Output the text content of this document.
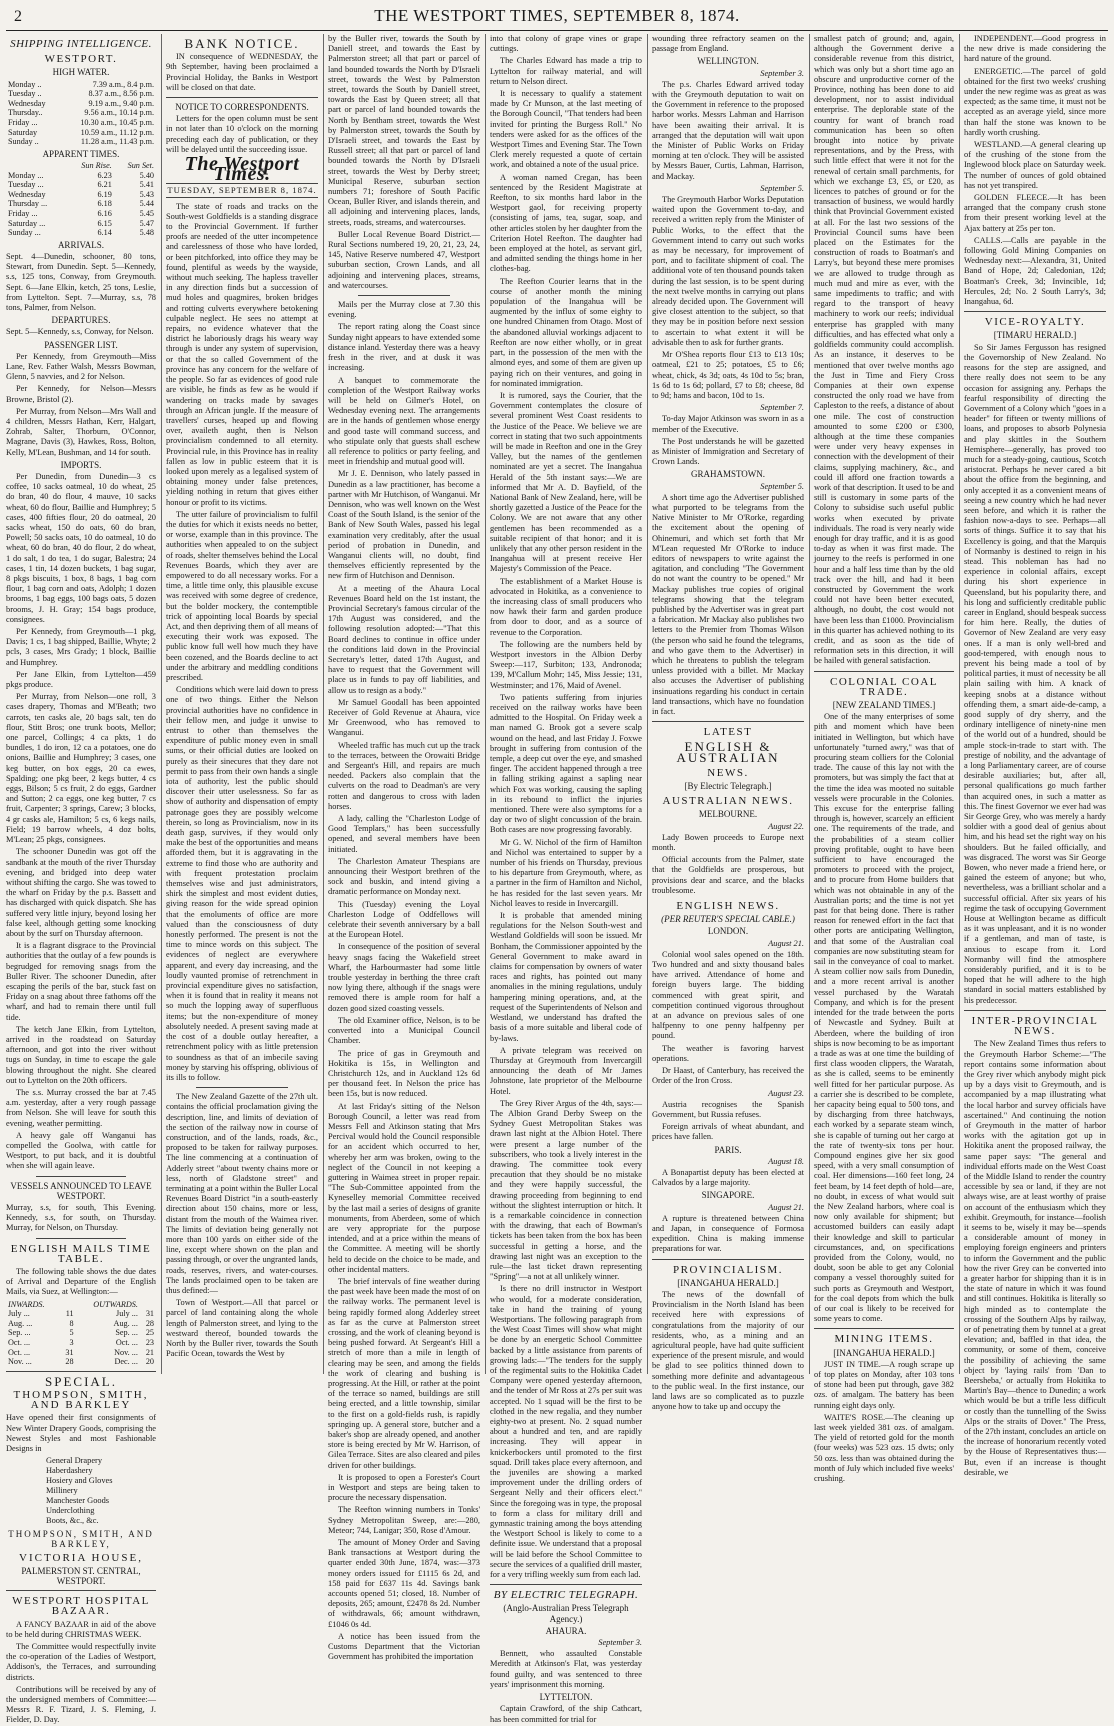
2	THE WESTPORT TIMES, SEPTEMBER 8, 1874.
SHIPPING INTELLIGENCE.
WESTPORT.
HIGH WATER.
Monday ..	7.39 a.m., 8.4 p.m.
Tuesday ..	8.37 a.m., 8.56 p.m.
Wednesday	9.19 a.m., 9.40 p.m.
Thursday..	9.56 a.m., 10.14 p.m.
Friday ...	10.30 a.m., 10.45 p.m.
Saturday	10.59 a.m., 11.12 p.m.
Sunday ..	11.28 a.m., 11.43 p.m.
APPARENT TIMES.
	Sun Rise.	Sun Set.
Monday ...	6.23	5.40
Tuesday ...	6.21	5.41
Wednesday	6.19	5.43
Thursday ...	6.18	5.44
Friday ...	6.16	5.45
Saturday ...	6.15	5.47
Sunday ...	6.14	5.48
ARRIVALS.

Sept. 4—Dunedin, schooner, 80 tons, Stewart, from Dunedin. Sept. 5—Kennedy, s.s, 125 tons, Conway, from Greymouth. Sept. 6—Jane Elkin, ketch, 25 tons, Leslie, from Lyttelton. Sept. 7—Murray, s.s, 78 tons, Palmer, from Nelson.

DEPARTURES.

Sept. 5—Kennedy, s.s, Conway, for Nelson.

PASSENGER LIST.

Per Kennedy, from Greymouth—Miss Lane, Rev. Father Walsh, Messrs Bowman, Glenn, 5 navvies, and 2 for Nelson.

Per Kennedy, for Nelson—Messrs Browne, Bristol (2).

Per Murray, from Nelson—Mrs Wall and 4 children, Messrs Hathan, Kerr, Halgart, Zohrab, Salter, Thorburn, O'Connor, Magrane, Davis (3), Hawkes, Ross, Bolton, Kelly, M'Lean, Bushman, and 14 for south.

IMPORTS.

Per Dunedin, from Dunedin—3 cs coffee, 10 sacks oatmeal, 10 do wheat, 25 do bran, 40 do flour, 4 mauve, 10 sacks wheat, 60 do flour, Baillie and Humphrey; 5 cases, 400 fifties flour, 20 do oatmeal, 20 sacks wheat, 150 do oats, 60 do bran, Powell; 50 sacks oats, 10 do oatmeal, 10 do wheat, 60 do bran, 40 do flour, 2 do wheat, 1 do salt, 1 do tea, 1 do sugar, Balestra; 24 cases, 1 tin, 14 dozen buckets, 1 bag sugar, 8 pkgs biscuits, 1 box, 8 bags, 1 bag corn flour, 1 bag corn and oats, Adolph; 1 dozen brooms, 1 bag eggs, 100 bags oats, 5 dozen brooms, J. H. Gray; 154 bags produce, consignees.

Per Kennedy, from Greymouth—1 pkg, Davis; 1 cs, 1 bag shipped, Baillie, Whyte; 2 pcls, 3 cases, Mrs Grady; 1 block, Baillie and Humphrey.

Per Jane Elkin, from Lyttelton—459 pkgs produce.

Per Murray, from Nelson—one roll, 3 cases drapery, Thomas and M'Beath; two carrots, ten casks ale, 20 bags salt, ten do flour, Stitt Bros; one trunk boots, Mellor; one parcel, Collings; 4 ca pkts, 1 do bundles, 1 do iron, 12 ca a potatoes, one do onions, Baillie and Humphrey; 3 cases, one keg butter, on box eggs, 20 ca ewes, Spalding; one pkg beer, 2 kegs butter, 4 cs eggs, Bilson; 5 cs fruit, 2 do eggs, Gardner and Sutton; 2 ca eggs, one keg butter, 7 cs fruit, Carpenter; 3 springs, Carew; 3 blocks, 4 gr casks ale, Hamilton; 5 cs, 6 kegs nails, Field; 19 barrow wheels, 4 doz bolts, M'Lean; 25 pkgs, consignees.

The schooner Dunedin was got off the sandbank at the mouth of the river Thursday evening, and bridged into deep water without shifting the cargo. She was towed to the wharf on Friday by the p.s. Bassett and has discharged with quick dispatch. She has suffered very little injury, beyond losing her false keel, although getting some knocking about by the surf on Thursday afternoon.

It is a flagrant disgrace to the Provincial authorities that the outlay of a few pounds is begrudged for removing snags from the Buller River. The schooner Dunedin, after escaping the perils of the bar, stuck fast on Friday on a snag about three fathoms off the wharf, and had to remain there until full tide.

The ketch Jane Elkin, from Lyttelton, arrived in the roadstead on Saturday afternoon, and got into the river without tugs on Sunday, in time to escape the gale blowing throughout the night. She cleared out to Lyttelton on the 20th officers.

The s.s. Murray crossed the bar at 7.45 a.m. yesterday, after a very rough passage from Nelson. She will leave for south this evening, weather permitting.

A heavy gale off Wanganui has compelled the Goolwa, with cattle for Westport, to put back, and it is doubtful when she will again leave.

VESSELS ANNOUNCED TO LEAVE WESTPORT.

Murray, s.s, for south, This Evening. Kennedy, s.s, for south, on Thursday. Murray, for Nelson, on Thursday.

ENGLISH MAILS TIME TABLE.

The following table shows the due dates of Arrival and Departure of the English Mails, via Suez, at Wellington:—

INWARDS.		OUTWARDS.	
July ...	11	July ...	31
Aug. ...	8	Aug. ...	28
Sep. ...	5	Sep. ...	25
Oct. ...	3	Oct. ...	23
Oct. ...	31	Nov. ...	21
Nov. ...	28	Dec. ...	20
SPECIAL.
THOMPSON, SMITH, AND BARKLEY

Have opened their first consignments of New Winter Drapery Goods, comprising the Newest Styles and most Fashionable Designs in

General Drapery
Haberdashery
Hosiery and Gloves
Millinery
Manchester Goods
Underclothing
Boots, &c., &c.
THOMPSON, SMITH, AND BARKLEY,
VICTORIA HOUSE,
PALMERSTON ST. CENTRAL, WESTPORT.
WESTPORT HOSPITAL BAZAAR.

A FANCY BAZAAR in aid of the above to be held during CHRISTMAS WEEK.

The Committee would respectfully invite the co-operation of the Ladies of Westport, Addison's, the Terraces, and surrounding districts.

Contributions will be received by any of the undersigned members of Committee:—Messrs R. F. Tizard, J. S. Fleming, J. Fielder, D. Day.

BANK NOTICE.

IN consequence of WEDNESDAY, the 9th September, having been proclaimed a Provincial Holiday, the Banks in Westport will be closed on that date.

NOTICE TO CORRESPONDENTS.

Letters for the open column must be sent in not later than 10 o'clock on the morning preceding each day of publication, or they will be delayed until the succeeding issue.

The Westport Times.
TUESDAY, SEPTEMBER 8, 1874.

The state of roads and tracks on the South-west Goldfields is a standing disgrace to the Provincial Government. If further proofs are needed of the utter incompetence and carelessness of those who have lorded, or been pitchforked, into office they may be found, plentiful as weeds by the wayside, without much seeking. The hapless traveller in any direction finds but a succession of mud holes and quagmires, broken bridges and rotting culverts everywhere betokening culpable neglect. He sees no attempt at repairs, no evidence whatever that the district he laboriously drags his weary way through is under any system of supervision, or that the so called Government of the province has any concern for the welfare of the people. So far as evidences of good rule are visible, he finds as few as he would if wandering on tracks made by savages through an African jungle. If the measure of travellers' curses, heaped up and flowing over, availeth aught, then is Nelson provincialism condemned to all eternity. Provincial rule, in this Province has in reality fallen as low in public esteem that it is looked upon merely as a legalised system of obtaining money under false pretences, yielding nothing in return that gives either honour or profit to its victims.

The utter failure of provincialism to fulfil the duties for which it exists needs no better, or worse, example than in this province. The authorities when appealed to on the subject of roads, shelter themselves behind the Local Revenues Boards, which they aver are empowered to do all necessary works. For a time, a little time only, this plausible excuse was received with some degree of credence, but the bolder mockery, the contemptible trick of appointing local Boards by special Act, and then depriving them of all means of executing their work was exposed. The public know full well how much they have been cozened, and the Boards decline to act under the arbitrary and meddling conditions prescribed.

Conditions which were laid down to press one of two things. Either the Nelson provincial authorities have no confidence in their fellow men, and judge it unwise to entrust to other than themselves the expenditure of public money even in small sums, or their official duties are looked on purely as their sinecures that they dare not permit to pass from their own hands a single iota of authority, lest the public should discover their utter uselessness. So far as show of authority and dispensation of empty patronage goes they are possibly welcome therein, so long as Provincialism, now in its death gasp, survives, if they would only make the best of the opportunities and means afforded them, but it is aggravating in the extreme to find those who are authority and with frequent protestation proclaim themselves wise and just administrators, shirk the simplest and most evident duties, giving reason for the wide spread opinion that the emoluments of office are more valued than the consciousness of duty honestly performed. The present is not the time to mince words on this subject. The evidences of neglect are everywhere apparent, and every day increasing, and the loudly vaunted promise of retrenchment in provincial expenditure gives no satisfaction, when it is found that in reality it means not so much the lopping away of superfluous items; but the non-expenditure of money absolutely needed. A present saving made at the cost of a double outlay hereafter, a retrenchment policy with as little pretension to soundness as that of an imbecile saving money by starving his offspring, oblivious of its ills to follow.

The New Zealand Gazette of the 27th ult. contains the official proclamation giving the description, line, and limits of deviation of the section of the railway now in course of construction, and of the lands, roads, &c., proposed to be taken for railway purposes. The line commencing at a continuation of Adderly street "about twenty chains more or less, north of Gladstone street" and terminating at a point within the Buller Local Revenues Board District "in a south-easterly direction about 150 chains, more or less, distant from the mouth of the Waimea river. The limits of deviation being generally not more than 100 yards on either side of the line, except where shown on the plan and passing through, or over the ungranted lands, roads, reserves, rivers, and water-courses. The lands proclaimed open to be taken are thus defined:—

Town of Westport.—All that parcel or parcel of land containing along the whole length of Palmerston street, and lying to the westward thereof, bounded towards the North by the Buller river, towards the South Pacific Ocean, towards the West by

by the Buller river, towards the South by Daniell street, and towards the East by Palmerston street; all that part or parcel of land bounded towards the North by D'Israeli street, towards the West by Palmerston street, towards the South by Daniell street, towards the East by Queen street; all that part or parcel of land bounded towards the North by Bentham street, towards the West by Palmerston street, towards the South by D'Israeli street, and towards the East by Russell street; all that part or parcel of land bounded towards the North by D'Israeli street, towards the West by Derby street; Municipal Reserve, suburban section numbers 71; foreshore of South Pacific Ocean, Buller River, and islands therein, and all adjoining and intervening places, lands, streets, roads, streams, and watercourses.

Buller Local Revenue Board District.—Rural Sections numbered 19, 20, 21, 23, 24, 145, Native Reserve numbered 47, Westport suburban section, Crown Lands, and all adjoining and intervening places, streams, and watercourses.

Mails per the Murray close at 7.30 this evening.

The report rating along the Coast since Sunday night appears to have extended some distance inland. Yesterday there was a heavy fresh in the river, and at dusk it was increasing.

A banquet to commemorate the completion of the Westport Railway works will be held on Gilmer's Hotel, on Wednesday evening next. The arrangements are in the hands of gentlemen whose energy and good taste will command success, and who stipulate only that guests shall eschew all reference to politics or party feeling, and meet in friendship and mutual good will.

Mr J. E. Dennison, who lately passed in Dunedin as a law practitioner, has become a partner with Mr Hutchison, of Wanganui. Mr Dennison, who was well known on the West Coast of the South Island, is the senior of the Bank of New South Wales, passed his legal examination very creditably, after the usual period of probation in Dunedin, and Wanganui clients will, no doubt, find themselves efficiently represented by the new firm of Hutchison and Dennison.

At a meeting of the Ahaura Local Revenues Board held on the 1st instant, the Provincial Secretary's famous circular of the 17th August was considered, and the following resolution adopted:—"That this Board declines to continue in office under the conditions laid down in the Provincial Secretary's letter, dated 17th August, and have to request that the Government will place us in funds to pay off liabilities, and allow us to resign as a body."

Mr Samuel Goodall has been appointed Receiver of Gold Revenue at Ahaura, vice Mr Greenwood, who has removed to Wanganui.

Wheeled traffic has much cut up the track to the terraces, between the Orowaiti Bridge and Sergeant's Hill, and repairs are much needed. Packers also complain that the culverts on the road to Deadman's are very rotten and dangerous to cross with laden horses.

A lady, calling the "Charleston Lodge of Good Templars," has been successfully opened, and several members have been initiated.

The Charleston Amateur Thespians are announcing their Westport brethren of the sock and buskin, and intend giving a dramatic performance on Monday next.

This (Tuesday) evening the Loyal Charleston Lodge of Oddfellows will celebrate their seventh anniversary by a ball at the European Hotel.

In consequence of the position of several heavy snags facing the Wakefield street Wharf, the Harbourmaster had some little trouble yesterday in berthing the three craft now lying there, although if the snags were removed there is ample room for half a dozen good sized coasting vessels.

The old Examiner office, Nelson, is to be converted into a Municipal Council Chamber.

The price of gas in Greymouth and Hokitika is 15s, in Wellington and Christchurch 12s, and in Auckland 12s 6d per thousand feet. In Nelson the price has been 15s, but is now reduced.

At last Friday's sitting of the Nelson Borough Council, a letter was read from Messrs Fell and Atkinson stating that Mrs Percival would hold the Council responsible for an accident which occurred to her, whereby her arm was broken, owing to the neglect of the Council in not keeping a guttering in Waimea street in proper repair. "The Sub-Committee appointed from the Kyneselley memorial Committee received by the last mail a series of designs of granite monuments, from Aberdeen, some of which are very appropriate for the purpose intended, and at a price within the means of the Committee. A meeting will be shortly held to decide on the choice to be made, and other incidental matters.

The brief intervals of fine weather during the past week have been made the most of on the railway works. The permanent level is being rapidly formed along Adderley street as far as the curve at Palmerston street crossing, and the work of cleaning beyond is being pushed forward. At Sergeant's Hill a stretch of more than a mile in length of clearing may be seen, and among the fields the work of clearing and bushing is progressing. At the Hill, or rather at the point of the terrace so named, buildings are still being erected, and a little township, similar to the first on a gold-fields rush, is rapidly springing up. A general store, butcher and a baker's shop are already opened, and another store is being erected by Mr W. Harrison, of Gilea Terrace. Sites are also cleared and piles driven for other buildings.

It is proposed to open a Forester's Court in Westport and steps are being taken to procure the necessary dispensation.

The Reefton winning numbers in Tonks' Sydney Metropolitan Sweep, are:—280, Meteor; 744, Lanigar; 350, Rose d'Amour.

The amount of Money Order and Saving Bank transactions at Westport during the quarter ended 30th June, 1874, was:—373 money orders issued for £1115 6s 2d, and 158 paid for £637 11s 4d. Savings bank accounts opened 51; closed, 18. Number of deposits, 265; amount, £2478 8s 2d. Number of withdrawals, 66; amount withdrawn, £1046 0s 4d.

A notice has been issued from the Customs Department that the Victorian Government has prohibited the importation

into that colony of grape vines or grape cuttings.

The Charles Edward has made a trip to Lyttelton for railway material, and will return to Nelson direct.

It is necessary to qualify a statement made by Cr Munson, at the last meeting of the Borough Council, "That tenders had been invited for printing the Burgess Roll." No tenders were asked for as the offices of the Westport Times and Evening Star. The Town Clerk merely requested a quote of certain work, and obtained a note of the usual price.

A woman named Cregan, has been sentenced by the Resident Magistrate at Reefton, to six months hard labor in the Westport gaol, for receiving property (consisting of jams, tea, sugar, soap, and other articles stolen by her daughter from the Criterion Hotel Reefton. The daughter had been employed at the hotel, as servant girl, and admitted sending the things home in her clothes-bag.

The Reefton Courier learns that in the course of another month the mining population of the Inangahua will be augmented by the influx of some eighty to one hundred Chinamen from Otago. Most of the abandoned alluvial workings adjacent to Reefton are now either wholly, or in great part, in the possession of the men with the almond eyes, and some of them are given up paying rich on their ventures, and going in for nominated immigration.

It is rumored, says the Courier, that the Government contemplates the closure of several prominent West Coast residents to the Justice of the Peace. We believe we are correct in stating that two such appointments will be made in Reefton and one in the Grey Valley, but the names of the gentlemen nominated are yet a secret. The Inangahua Herald of the 5th instant says:—We are informed that Mr A. D. Bayfield, of the National Bank of New Zealand, here, will be shortly gazetted a Justice of the Peace for the Colony. We are not aware that any other gentlemen has been recommended as a suitable recipient of that honor; and it is unlikely that any other person resident in the Inangahua will at present receive Her Majesty's Commission of the Peace.

The establishment of a Market House is advocated in Hokitika, as a convenience to the increasing class of small producers who now hawk their farm and garden produce from door to door, and as a source of revenue to the Corporation.

The following are the numbers held by Westport investors in the Albion Derby Sweep:—117, Surbiton; 133, Andronoda; 139, M'Callum Mohr; 145, Miss Jessie; 131, Westminster; and 176, Maid of Avenel.

Two patients suffering from injuries received on the railway works have been admitted to the Hospital. On Friday week a man named G. Brook got a severe scalp wound on the head, and last Friday J. Foxwe brought in suffering from contusion of the temple, a deep cut over the eye, and smashed finger. The accident happened through a tree in falling striking against a sapling near which Fox was working, causing the sapling in its rebound to inflict the injuries mentioned. There were also symptoms for a day or two of slight concussion of the brain. Both cases are now progressing favorably.

Mr G. W. Nichol of the firm of Hamilton and Nichol was entertained to supper by a number of his friends on Thursday, previous to his departure from Greymouth, where, as a partner in the firm of Hamilton and Nichol, he has resided for the last seven years. Mr Nichol leaves to reside in Invercargill.

It is probable that amended mining regulations for the Nelson South-west and Westland Goldfields will soon be issued. Mr Bonham, the Commissioner appointed by the General Government to make award in claims for compensation by owners of water races and rights, has pointed out many anomalies in the mining regulations, unduly hampering mining operations, and, at the request of the Superintendents of Nelson and Westland, we understand has drafted the basis of a more suitable and liberal code of by-laws.

A private telegram was received on Thursday at Greymouth from Invercargill announcing the death of Mr James Johnstone, late proprietor of the Melbourne Hotel.

The Grey River Argus of the 4th, says:—The Albion Grand Derby Sweep on the Sydney Guest Metropolitan Stakes was drawn last night at the Albion Hotel. There were present a large number of the subscribers, who took a lively interest in the drawing. The committee took every precaution that they should be no mistake and they were happily successful, the drawing proceeding from beginning to end without the slightest interruption or hitch. It is a remarkable coincidence in connection with the drawing, that each of Bowman's tickets has been taken from the box has been successful in getting a horse, and the drawing last night was an exception to the rule—the last ticket drawn representing "Spring"—a not at all unlikely winner.

Is there no drill instructor in Westport who would, for a moderate consideration, take in hand the training of young Westportians. The following paragraph from the West Coast Times will show what might be done by an energetic School Committee backed by a little assistance from parents of growing lads:—"The tenders for the supply of the regimental suits to the Hokitika Cadet Company were opened yesterday afternoon, and the tender of Mr Ross at 27s per suit was accepted. No 1 squad will be the first to be clothed in the new regalia, and they number eighty-two at present. No. 2 squad number about a hundred and ten, and are rapidly increasing. They will appear in knickerbockers until promoted to the first squad. Drill takes place every afternoon, and the juveniles are showing a marked improvement under the drilling orders of Sergeant Nelly and their officers elect." Since the foregoing was in type, the proposal to form a class for military drill and gymnastic training among the boys attending the Westport School is likely to come to a definite issue. We understand that a proposal will be laid before the School Committee to secure the services of a qualified drill master, for a very trifling weekly sum from each lad.

BY ELECTRIC TELEGRAPH.
(Anglo-Australian Press Telegraph Agency.)
AHAURA.
September 3.

Bennett, who assaulted Constable Meredith at Atkinson's Flat, was yesterday found guilty, and was sentenced to three years' imprisonment this morning.

LYTTELTON.

Captain Crawford, of the ship Cathcart, has been committed for trial for

wounding three refractory seamen on the passage from England.

WELLINGTON.
September 3.

The p.s. Charles Edward arrived today with the Greymouth deputation to wait on the Government in reference to the proposed harbor works. Messrs Lahman and Harrison have been awaiting their arrival. It is arranged that the deputation will wait upon the Minister of Public Works on Friday morning at ten o'clock. They will be assisted by Messrs Bauer, Curtis, Lahman, Harrison, and Mackay.

September 5.

The Greymouth Harbor Works Deputation waited upon the Government to-day, and received a written reply from the Minister of Public Works, to the effect that the Government intend to carry out such works as may be necessary, for improvement of port, and to facilitate shipment of coal. The additional vote of ten thousand pounds taken during the last session, is to be spent during the next twelve months in carrying out plans already decided upon. The Government will give closest attention to the subject, so that they may be in position before next session to ascertain to what extent it will be advisable then to ask for further grants.

Mr O'Shea reports flour £13 to £13 10s; oatmeal, £21 to 25; potatoes, £5 to £6; wheat, chick, 4s 3d; oats, 4s 10d to 5s; bran, 1s 6d to 1s 6d; pollard, £7 to £8; cheese, 8d to 9d; hams and bacon, 10d to 1s.

September 7.

To-day Major Atkinson was sworn in as a member of the Executive.

The Post understands he will be gazetted as Minister of Immigration and Secretary of Crown Lands.

GRAHAMSTOWN.
September 5.

A short time ago the Advertiser published what purported to be telegrams from the Native Minister to Mr O'Rorke, regarding the excitement about the opening of Ohinemuri, and which set forth that Mr M'Lean requested Mr O'Rorke to induce editors of newspapers to write against the agitation, and concluding "The Government do not want the country to be opened." Mr Mackay publishes true copies of original telegrams showing that the telegram published by the Advertiser was in great part a fabrication. Mr Mackay also publishes two letters to the Premier from Thomas Wilson (the person who said he found the telegrams, and who gave them to the Advertiser) in which he threatens to publish the telegram unless provided with a billet. Mr Mackay also accuses the Advertiser of publishing insinuations regarding his conduct in certain land transactions, which have no foundation in fact.

LATEST
ENGLISH & AUSTRALIAN
NEWS.
[By Electric Telegraph.]
AUSTRALIAN NEWS.
MELBOURNE.
August 22.

Lady Bowen proceeds to Europe next month.

Official accounts from the Palmer, state that the Goldfields are prosperous, but provisions dear and scarce, and the blacks troublesome.

ENGLISH NEWS.
(PER REUTER'S SPECIAL CABLE.)
LONDON.
August 21.

Colonial wool sales opened on the 18th. Two hundred and and sixty thousand bales have arrived. Attendance of home and foreign buyers large. The bidding commenced with great spirit, and competition continued vigorous throughout at an advance on previous sales of one halfpenny to one penny halfpenny per pound.

The weather is favoring harvest operations.

Dr Haast, of Canterbury, has received the Order of the Iron Cross.

August 23.

Austria recognises the Spanish Government, but Russia refuses.

Foreign arrivals of wheat abundant, and prices have fallen.

PARIS.
August 18.

A Bonapartist deputy has been elected at Calvados by a large majority.

SINGAPORE.
August 21.

A rupture is threatened between China and Japan, in consequence of Formosa expedition. China is making immense preparations for war.

PROVINCIALISM.
[INANGAHUA HERALD.]

The news of the downfall of Provincialism in the North Island has been received here with expressions of congratulations from the majority of our residents, who, as a mining and an agricultural people, have had quite sufficient experience of the present misrule, and would be glad to see politics thinned down to something more definite and advantageous to the public weal. In the first instance, our land laws are so complicated as to puzzle anyone how to take up and occupy the

smallest patch of ground; and, again, although the Government derive a considerable revenue from this district, which was only but a short time ago an obscure and unproductive corner of the Province, nothing has been done to aid development, nor to assist individual enterprise. The deplorable state of the country for want of branch road communication has been so often brought into notice by private representations, and by the Press, with such little effect that were it not for the renewal of certain small parchments, for which we exchange £3, £5, or £20, as licences to patches of ground or for the transaction of business, we would hardly think that Provincial Government existed at all. For the last two sessions of the Provincial Council sums have been placed on the Estimates for the construction of roads to Boatman's and Larry's, but beyond these mere promises we are allowed to trudge through as much mud and mire as ever, with the same impediments to traffic; and with regard to the transport of heavy machinery to work our reefs; individual enterprise has grappled with many difficulties, and has effected what only a goldfields community could accomplish. As an instance, it deserves to be mentioned that over twelve months ago the Just in Time and Fiery Cross Companies at their own expense constructed the only road we have from Capleston to the reefs, a distance of about one mile. The cost of construction amounted to some £200 or £300, although at the time these companies were under very heavy expenses in connection with the development of their claims, supplying machinery, &c., and could ill afford one fraction towards a work of that description. It used to be and still is customary in some parts of the Colony to subsidise such useful public works when executed by private individuals. The road is very nearly wide enough for dray traffic, and it is as good to-day as when it was first made. The journey to the reefs is performed in one hour and a half less time than by the old track over the hill, and had it been constructed by Government the work could not have been better executed, although, no doubt, the cost would not have been less than £1000. Provincialism in this quarter has achieved nothing to its credit, and as soon as the tide of reformation sets in this direction, it will be hailed with general satisfaction.

COLONIAL COAL TRADE.
[NEW ZEALAND TIMES.]

One of the many enterprises of some pith and moment which have been initiated in Wellington, but which have unfortunately "turned awry," was that of procuring steam colliers for the Colonial trade. The cause of this lay not with the promoters, but was simply the fact that at the time the idea was mooted no suitable vessels were procurable in the Colonies. This excuse for the enterprise falling through is, however, scarcely an efficient one. The requirements of the trade, and the probabilities of a steam collier proving profitable, ought to have been sufficient to have encouraged the promoters to proceed with the project, and to procure from Home builders that which was not obtainable in any of the Australian ports; and the time is not yet past for that being done. There is rather reason for renewed effort in the fact that other ports are anticipating Wellington, and that some of the Australian coal companies are now substituting steam for sail in the conveyance of coal to market. A steam collier now sails from Dunedin, and a more recent arrival is another vessel purchased by the Waratah Company, and which is for the present intended for the trade between the ports of Newcastle and Sydney. Built at Aberdeen, where the building of iron ships is now becoming to be as important a trade as was at one time the building of first class wooden clippers, the Waratah, as she is called, seems to be eminently well fitted for her particular purpose. As a carrier she is described to be complete, her capacity being equal to 500 tons, and by discharging from three hatchways, each worked by a separate steam winch, she is capable of turning out her cargo at the rate of twenty-six tons per hour. Compound engines give her six good speed, with a very small consumption of coal. Her dimensions—160 feet long, 24 feet beam, by 14 feet depth of hold—are, no doubt, in excess of what would suit the New Zealand harbors, where coal is now only available for shipment; but accustomed builders can easily adapt their knowledge and skill to particular circumstances, and, on specifications provided from the Colony, would, no doubt, soon be able to get any Colonial company a vessel thoroughly suited for such ports as Greymouth and Westport, for the coal depots from which the bulk of our coal is likely to be received for some years to come.

MINING ITEMS.
[INANGAHUA HERALD.]

JUST IN TIME.—A rough scrape up of top plates on Monday, after 103 tons of stone had been put through, gave 382 ozs. of amalgam. The battery has been running eight days only.

WAITE'S ROSE.—The cleaning up last week yielded 381 ozs. of amalgam. The yield of retorted gold for the month (four weeks) was 523 ozs. 15 dwts; only 50 ozs. less than was obtained during the month of July which included five weeks' crushing.

INDEPENDENT.—Good progress in the new drive is made considering the hard nature of the ground.

ENERGETIC.—The parcel of gold obtained for the first two weeks' crushing under the new regime was as great as was expected; as the same time, it must not be accepted as an average yield, since more than half the stone was known to be hardly worth crushing.

WESTLAND.—A general clearing up of the crushing of the stone from the Inglewood block place on Saturday week. The number of ounces of gold obtained has not yet transpired.

GOLDEN FLEECE.—It has been arranged that the company crush stone from their present working level at the Ajax battery at 25s per ton.

CALLS.—Calls are payable in the following Gold Mining Companies on Wednesday next:—Alexandra, 31, United Band of Hope, 2d; Caledonian, 12d; Boatman's Creek, 3d; Invincible, 1d; Hercules, 2d; No. 2 South Larry's, 3d; Inangahua, 6d.

VICE-ROYALTY.
[TIMARU HERALD.]

So Sir James Fergusson has resigned the Governorship of New Zealand. No reasons for the step are assigned, and there really does not seem to be any occasion for assigning any. Perhaps the fearful responsibility of directing the Government of a Colony which "goes in a header" for fifteen or twenty millions of loans, and proposes to absorb Polynesia and play skittles in the Southern Hemisphere—generally, has proved too much for a steady-going, cautious, Scotch aristocrat. Perhaps he never cared a bit about the office from the beginning, and only accepted it as a convenient means of seeing a new country which he had never seen before, and which it is rather the fashion now-a-days to see. Perhaps—all sorts of things. Suffice it to say that his Excellency is going, and that the Marquis of Normanby is destined to reign in his stead. This nobleman has had no experience in colonial affairs, except during his short experience in Queensland, but his popularity there, and his long and sufficiently creditable public career in England, should bespeak success for him here. Really, the duties of Governor of New Zealand are very easy ones. If a man is only well-bred and good-tempered, with enough nous to prevent his being made a tool of by political parties, it must of necessity be all plain sailing with him. A knack of keeping snobs at a distance without offending them, a smart aide-de-camp, a good supply of dry sherry, and the ordinary intelligence of ninety-nine men of the world out of a hundred, should be ample stock-in-trade to start with. The prestige of nobility, and the advantage of a long Parliamentary career, are of course desirable auxiliaries; but, after all, personal qualifications go much farther than acquired ones, in such a matter as this. The finest Governor we ever had was Sir George Grey, who was merely a hardy soldier with a good deal of genius about him, and his head set the right way on his shoulders. But he failed officially, and was disgraced. The worst was Sir George Bowen, who never made a friend here, or gained the esteem of anyone; but who, nevertheless, was a brilliant scholar and a successful official. After six years of his regime the task of occupying Government House at Wellington became as difficult as it was unpleasant, and it is no wonder if a gentleman, and man of taste, is anxious to escape from it. Lord Normanby will find the atmosphere considerably purified, and it is to be hoped that he will adhere to the high standard in social matters established by his predecessor.

INTER-PROVINCIAL NEWS.

The New Zealand Times thus refers to the Greymouth Harbor Scheme:—"The report contains some information about the Grey river which anybody might pick up by a days visit to Greymouth, and is accompanied by a map illustrating what the local harbor and survey officials have ascertained." And continuing the notion of Greymouth in the matter of harbor works with the agitation got up in Hokitika anent the proposed railway, the same paper says: "The general and individual efforts made on the West Coast of the Middle Island to render the country accessible by sea or land, if they are not always wise, are at least worthy of praise on account of the enthusiasm which they exhibit. Greymouth, for instance—foolish it seems to be, wisely it may be—spends a considerable amount of money in employing foreign engineers and printers to inform the Government and the public how the river Grey can be converted into a greater harbor for shipping than it is in the state of nature in which it was found and still continues. Hokitika is literally so high minded as to contemplate the crossing of the Southern Alps by railway, or of penetrating them by tunnel at a great elevation; and, baffled in that idea, the community, or some of them, conceive the possibility of achieving the same object by 'laying rails' from 'Dan to Beersheba,' or actually from Hokitika to Martin's Bay—thence to Dunedin; a work which would be but a trifle less difficult or costly than the tunnelling of the Swiss Alps or the straits of Dover." The Press, of the 27th instant, concludes an article on the increase of honorarium recently voted by the House of Representatives thus:—But, even if an increase is thought desirable, we
